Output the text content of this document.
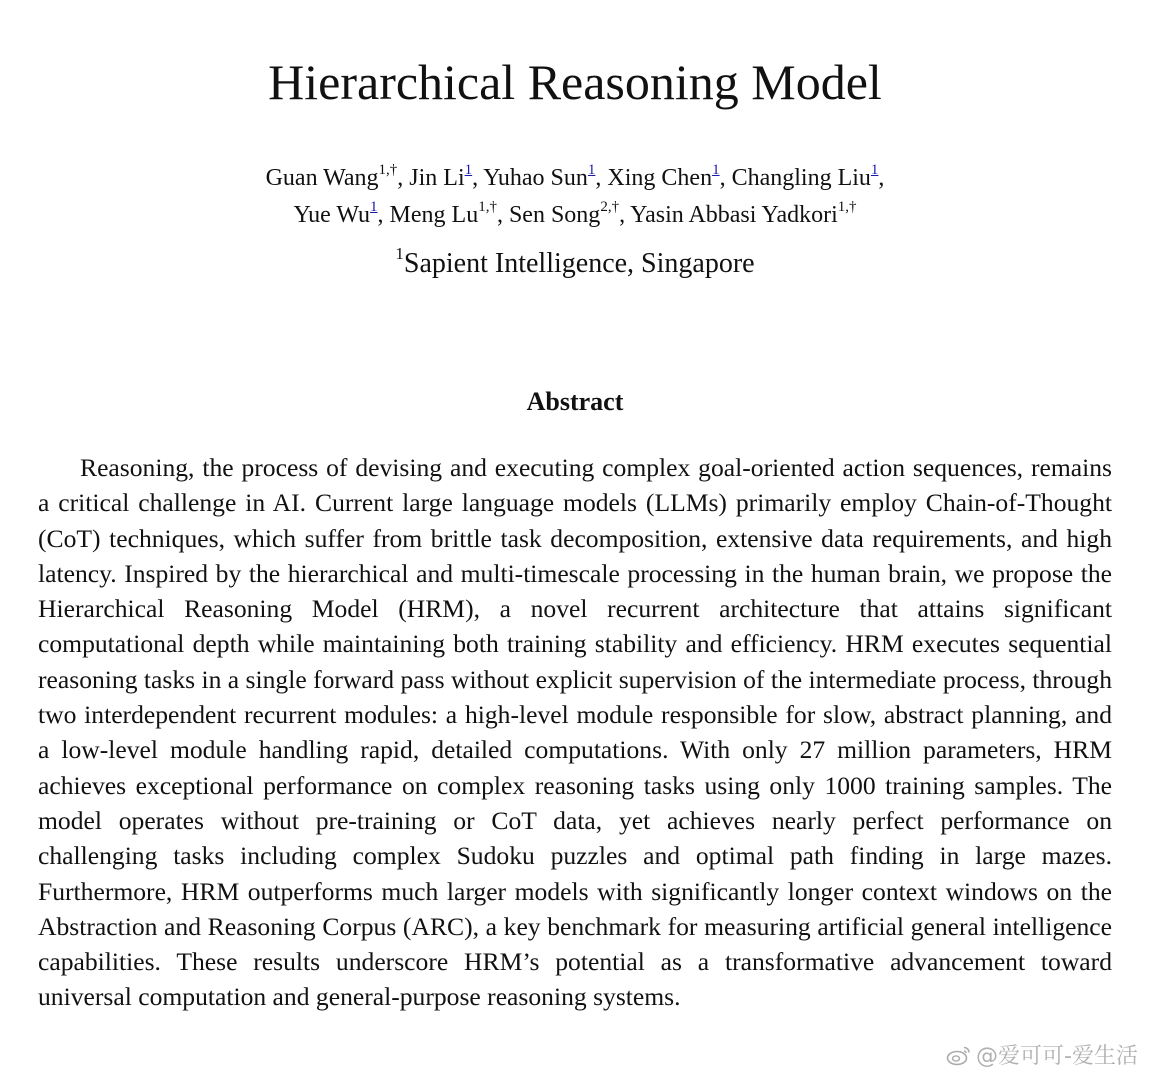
Hierarchical Reasoning Model
Guan Wang$^{1,\dagger}$, Jin Li$^1$, Yuhao Sun$^1$, Xing Chen$^1$, Changling Liu$^1$,
Yue Wu$^1$, Meng $Lu^{1,\dagger}$, Sen Song$^{2,\dagger}$, Yasin Abbasi Yadkori$^{1,\dagger}$
$^1$Sapient Intelligence, Singapore
Abstract

Reasoning, the process of devising and executing complex goal-oriented action sequences, remains a critical challenge in AI. Current large language models (LLMs) primarily employ Chain-of-Thought (CoT) techniques, which suffer from brittle task decomposition, extensive data requirements, and high latency. Inspired by the hierarchical and multi-timescale processing in the human brain, we propose the Hierarchical Reasoning Model (HRM), a novel recurrent architecture that attains significant computational depth while maintaining both training stability and efficiency. HRM executes sequential reasoning tasks in a single forward pass without explicit supervision of the intermediate process, through two interdependent recurrent modules: a high-level module responsible for slow, abstract planning, and a low-level module handling rapid, detailed computations. With only 27 million parameters, HRM achieves exceptional performance on complex reasoning tasks using only 1000 training samples. The model operates without pre-training or CoT data, yet achieves nearly perfect performance on challenging tasks including complex Sudoku puzzles and optimal path finding in large mazes. Furthermore, HRM outperforms much larger models with significantly longer context windows on the Abstraction and Reasoning Corpus (ARC), a key benchmark for measuring artificial general intelligence capabilities. These results underscore HRM’s potential as a transformative advancement toward universal computation and general-purpose reasoning systems.

@爱可可-爱生活
